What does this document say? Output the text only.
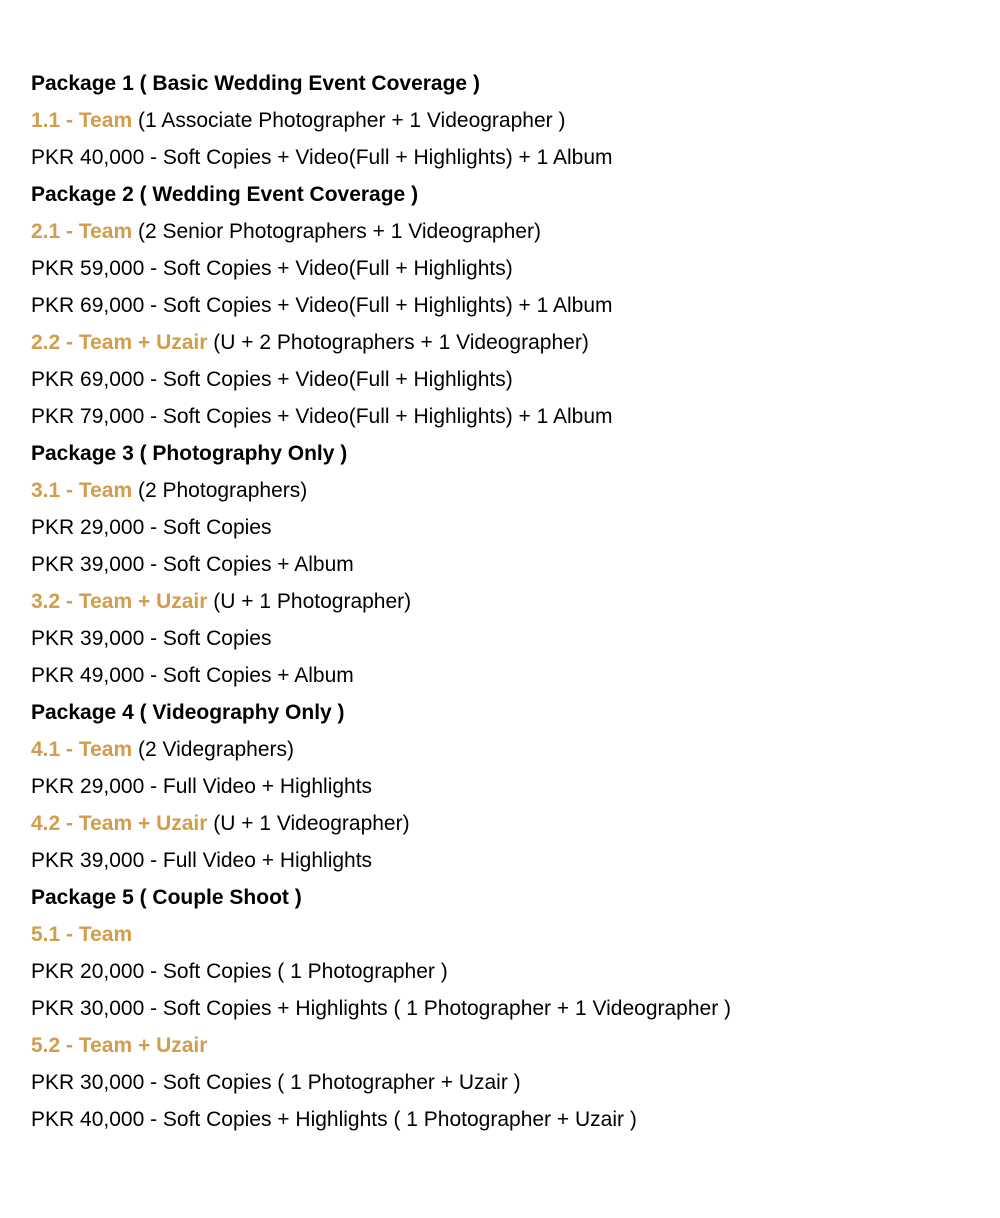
Package 1 ( Basic Wedding Event Coverage )
1.1 - Team (1 Associate Photographer + 1 Videographer )
PKR 40,000 - Soft Copies + Video(Full + Highlights) + 1 Album
Package 2 ( Wedding Event Coverage )
2.1 - Team (2 Senior Photographers + 1 Videographer)
PKR 59,000 - Soft Copies + Video(Full + Highlights)
PKR 69,000 - Soft Copies + Video(Full + Highlights) + 1 Album
2.2 - Team + Uzair (U + 2 Photographers + 1 Videographer)
PKR 69,000 - Soft Copies + Video(Full + Highlights)
PKR 79,000 - Soft Copies + Video(Full + Highlights) + 1 Album
Package 3 ( Photography Only )
3.1 - Team (2 Photographers)
PKR 29,000 - Soft Copies
PKR 39,000 - Soft Copies + Album
3.2 - Team + Uzair (U + 1 Photographer)
PKR 39,000 - Soft Copies
PKR 49,000 - Soft Copies + Album
Package 4 ( Videography Only )
4.1 - Team (2 Videgraphers)
PKR 29,000 - Full Video + Highlights
4.2 - Team + Uzair (U + 1 Videographer)
PKR 39,000 - Full Video + Highlights
Package 5 ( Couple Shoot )
5.1 - Team
PKR 20,000 - Soft Copies ( 1 Photographer )
PKR 30,000 - Soft Copies + Highlights ( 1 Photographer + 1 Videographer )
5.2 - Team + Uzair
PKR 30,000 - Soft Copies ( 1 Photographer + Uzair )
PKR 40,000 - Soft Copies + Highlights ( 1 Photographer + Uzair )
